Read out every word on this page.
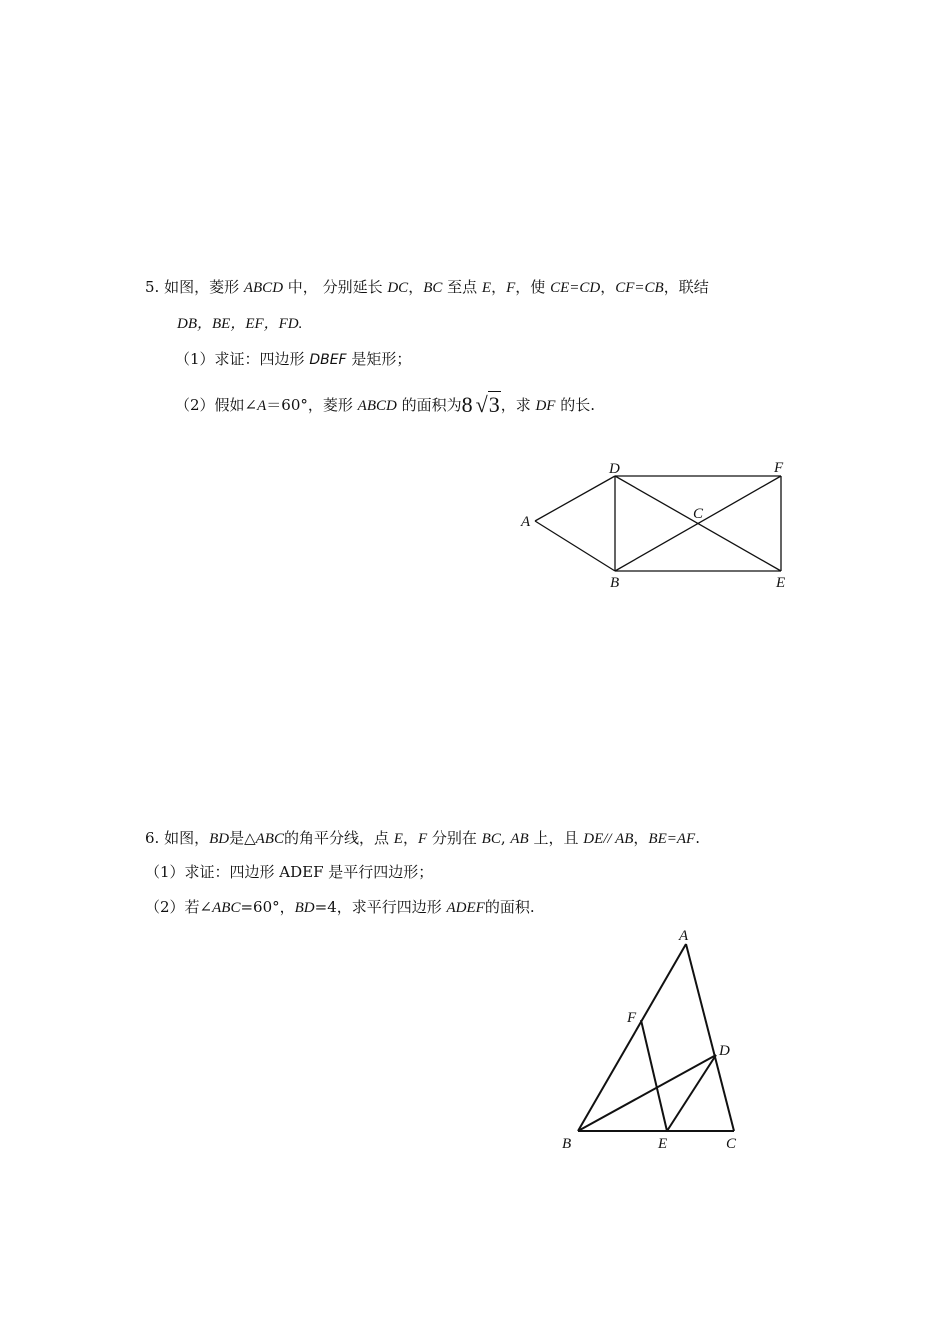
5. 如图，菱形 ABCD 中， 分别延长 DC，BC 至点 E，F，使 CE=CD，CF=CB，联结
DB，BE，EF，FD.
（1）求证：四边形 DBEF 是矩形；
（2）假如∠A＝60°，菱形 ABCD 的面积为8 √3，求 DF 的长.
D	F
A	C
B	E
6. 如图，BD是△ABC的角平分线，点 E，F 分别在 BC, AB 上，且 DE// AB，BE=AF.
（1）求证：四边形 ADEF 是平行四边形；
（2）若∠ABC=60°，BD=4，求平行四边形 ADEF的面积.
A
F
D
B	E	C
